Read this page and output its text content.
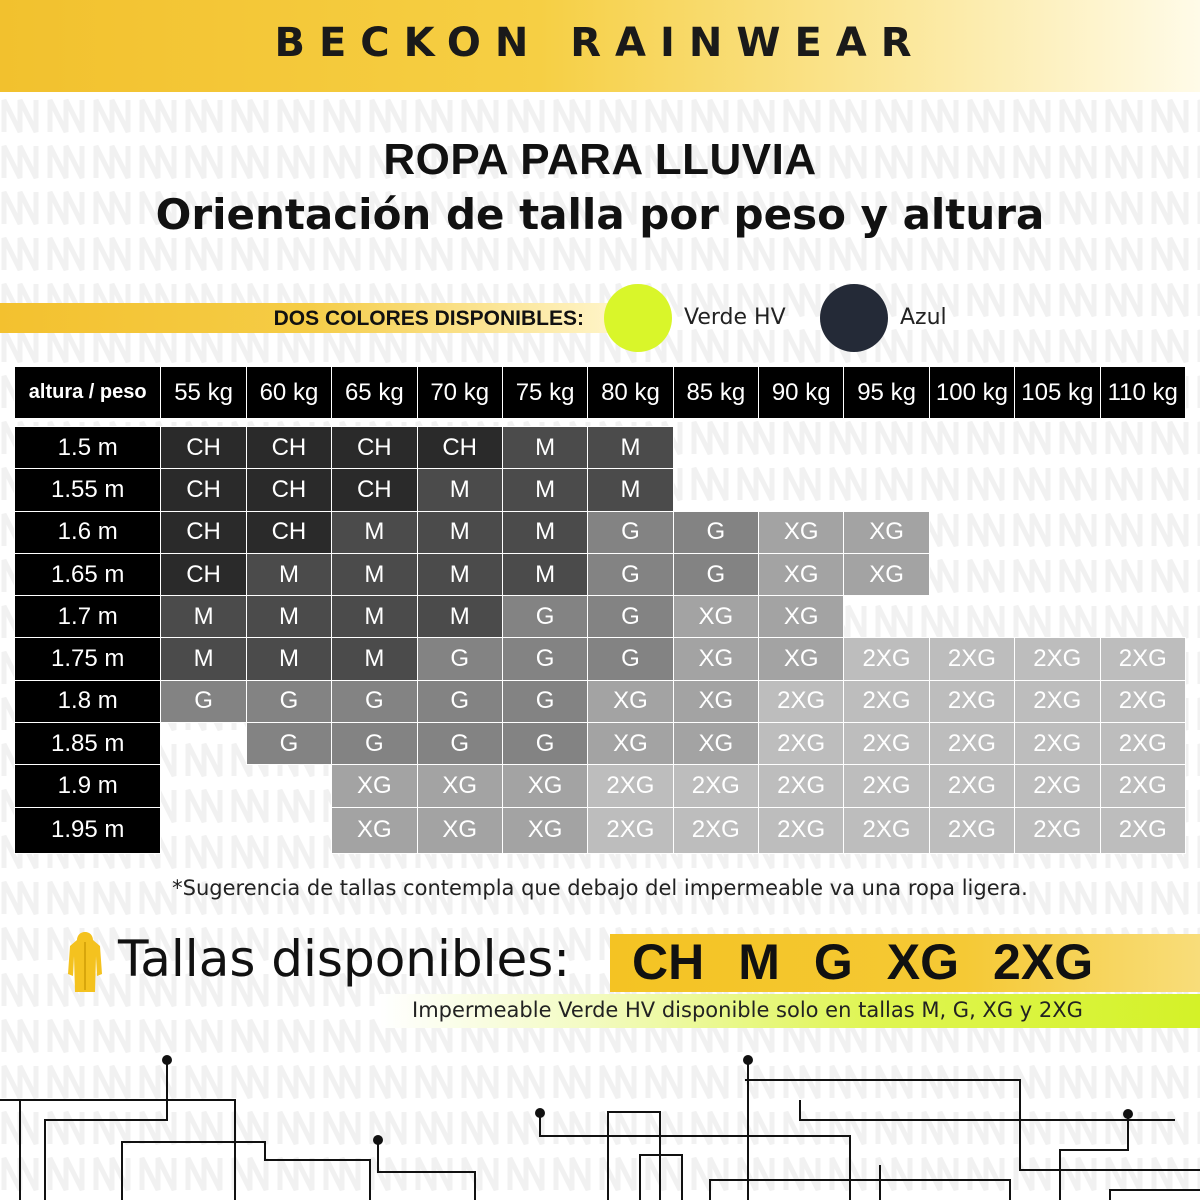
BECKON RAINWEAR
ROPA PARA LLUVIA
Orientación de talla por peso y altura
DOS COLORES DISPONIBLES:	Verde HV	Azul
altura / peso	55 kg	60 kg	65 kg	70 kg	75 kg	80 kg	85 kg	90 kg	95 kg	100 kg	105 kg	110 kg

1.5 m	CH	CH	CH	CH	M	M						
1.55 m	CH	CH	CH	M	M	M						
1.6 m	CH	CH	M	M	M	G	G	XG	XG			
1.65 m	CH	M	M	M	M	G	G	XG	XG			
1.7 m	M	M	M	M	G	G	XG	XG				
1.75 m	M	M	M	G	G	G	XG	XG	2XG	2XG	2XG	2XG
1.8 m	G	G	G	G	G	XG	XG	2XG	2XG	2XG	2XG	2XG
1.85 m		G	G	G	G	XG	XG	2XG	2XG	2XG	2XG	2XG
1.9 m			XG	XG	XG	2XG	2XG	2XG	2XG	2XG	2XG	2XG
1.95 m			XG	XG	XG	2XG	2XG	2XG	2XG	2XG	2XG	2XG
*Sugerencia de tallas contempla que debajo del impermeable va una ropa ligera.
Tallas disponibles: CH M G XG 2XG
Impermeable Verde HV disponible solo en tallas M, G, XG y 2XG
